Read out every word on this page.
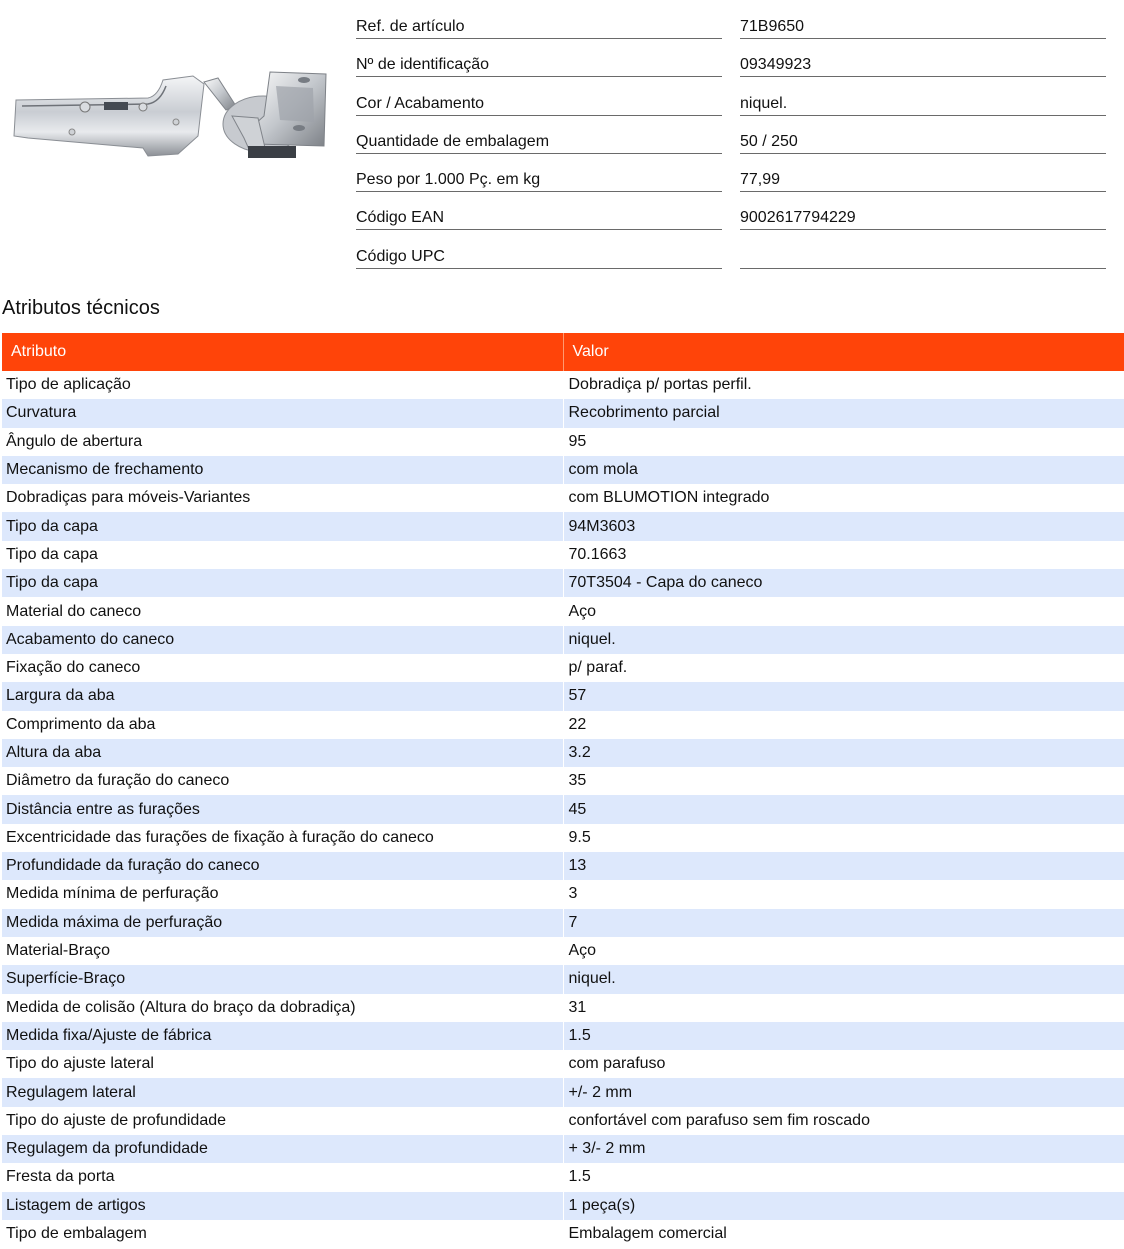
Ref. de artículo	71B9650
Nº de identificação	09349923
Cor / Acabamento	niquel.
Quantidade de embalagem	50 / 250
Peso por 1.000 Pç. em kg	77,99
Código EAN	9002617794229
Código UPC
Atributos técnicos
Atributo	Valor
Tipo de aplicação	Dobradiça p/ portas perfil.
Curvatura	Recobrimento parcial
Ângulo de abertura	95
Mecanismo de frechamento	com mola
Dobradiças para móveis-Variantes	com BLUMOTION integrado
Tipo da capa	94M3603
Tipo da capa	70.1663
Tipo da capa	70T3504 - Capa do caneco
Material do caneco	Aço
Acabamento do caneco	niquel.
Fixação do caneco	p/ paraf.
Largura da aba	57
Comprimento da aba	22
Altura da aba	3.2
Diâmetro da furação do caneco	35
Distância entre as furações	45
Excentricidade das furações de fixação à furação do caneco	9.5
Profundidade da furação do caneco	13
Medida mínima de perfuração	3
Medida máxima de perfuração	7
Material-Braço	Aço
Superfície-Braço	niquel.
Medida de colisão (Altura do braço da dobradiça)	31
Medida fixa/Ajuste de fábrica	1.5
Tipo do ajuste lateral	com parafuso
Regulagem lateral	+/- 2 mm
Tipo do ajuste de profundidade	confortável com parafuso sem fim roscado
Regulagem da profundidade	+ 3/- 2 mm
Fresta da porta	1.5
Listagem de artigos	1 peça(s)
Tipo de embalagem	Embalagem comercial
